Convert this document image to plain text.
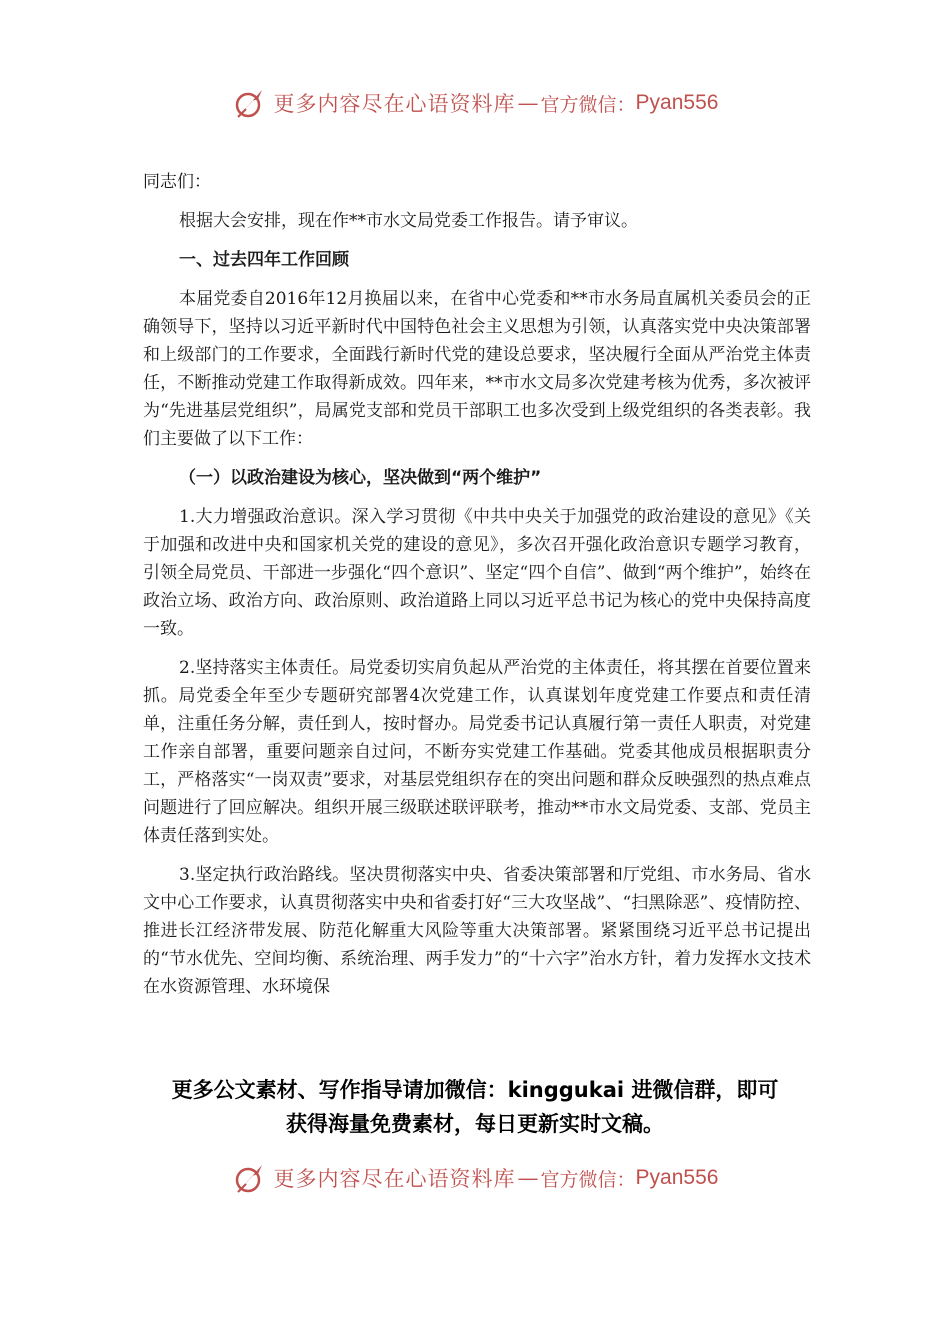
更多内容尽在心语资料库 — 官方微信： Pyan556

同志们：

根据大会安排，现在作**市水文局党委工作报告。请予审议。

一、过去四年工作回顾

本届党委自2016年12月换届以来，在省中心党委和**市水务局直属机关委员会的正确领导下，坚持以习近平新时代中国特色社会主义思想为引领，认真落实党中央决策部署和上级部门的工作要求，全面践行新时代党的建设总要求，坚决履行全面从严治党主体责任，不断推动党建工作取得新成效。四年来，**市水文局多次党建考核为优秀，多次被评为“先进基层党组织”，局属党支部和党员干部职工也多次受到上级党组织的各类表彰。我们主要做了以下工作：

（一）以政治建设为核心，坚决做到“两个维护”

1.大力增强政治意识。深入学习贯彻《中共中央关于加强党的政治建设的意见》《关于加强和改进中央和国家机关党的建设的意见》，多次召开强化政治意识专题学习教育，引领全局党员、干部进一步强化“四个意识”、坚定“四个自信”、做到“两个维护”，始终在政治立场、政治方向、政治原则、政治道路上同以习近平总书记为核心的党中央保持高度一致。

2.坚持落实主体责任。局党委切实肩负起从严治党的主体责任，将其摆在首要位置来抓。局党委全年至少专题研究部署4次党建工作，认真谋划年度党建工作要点和责任清单，注重任务分解，责任到人，按时督办。局党委书记认真履行第一责任人职责，对党建工作亲自部署，重要问题亲自过问，不断夯实党建工作基础。党委其他成员根据职责分工，严格落实“一岗双责”要求，对基层党组织存在的突出问题和群众反映强烈的热点难点问题进行了回应解决。组织开展三级联述联评联考，推动**市水文局党委、支部、党员主体责任落到实处。

3.坚定执行政治路线。坚决贯彻落实中央、省委决策部署和厅党组、市水务局、省水文中心工作要求，认真贯彻落实中央和省委打好“三大攻坚战”、“扫黑除恶”、疫情防控、推进长江经济带发展、防范化解重大风险等重大决策部署。紧紧围绕习近平总书记提出的“节水优先、空间均衡、系统治理、两手发力”的“十六字”治水方针，着力发挥水文技术在水资源管理、水环境保

更多公文素材、写作指导请加微信：kinggukai 进微信群，即可
获得海量免费素材，每日更新实时文稿。
更多内容尽在心语资料库 — 官方微信： Pyan556
